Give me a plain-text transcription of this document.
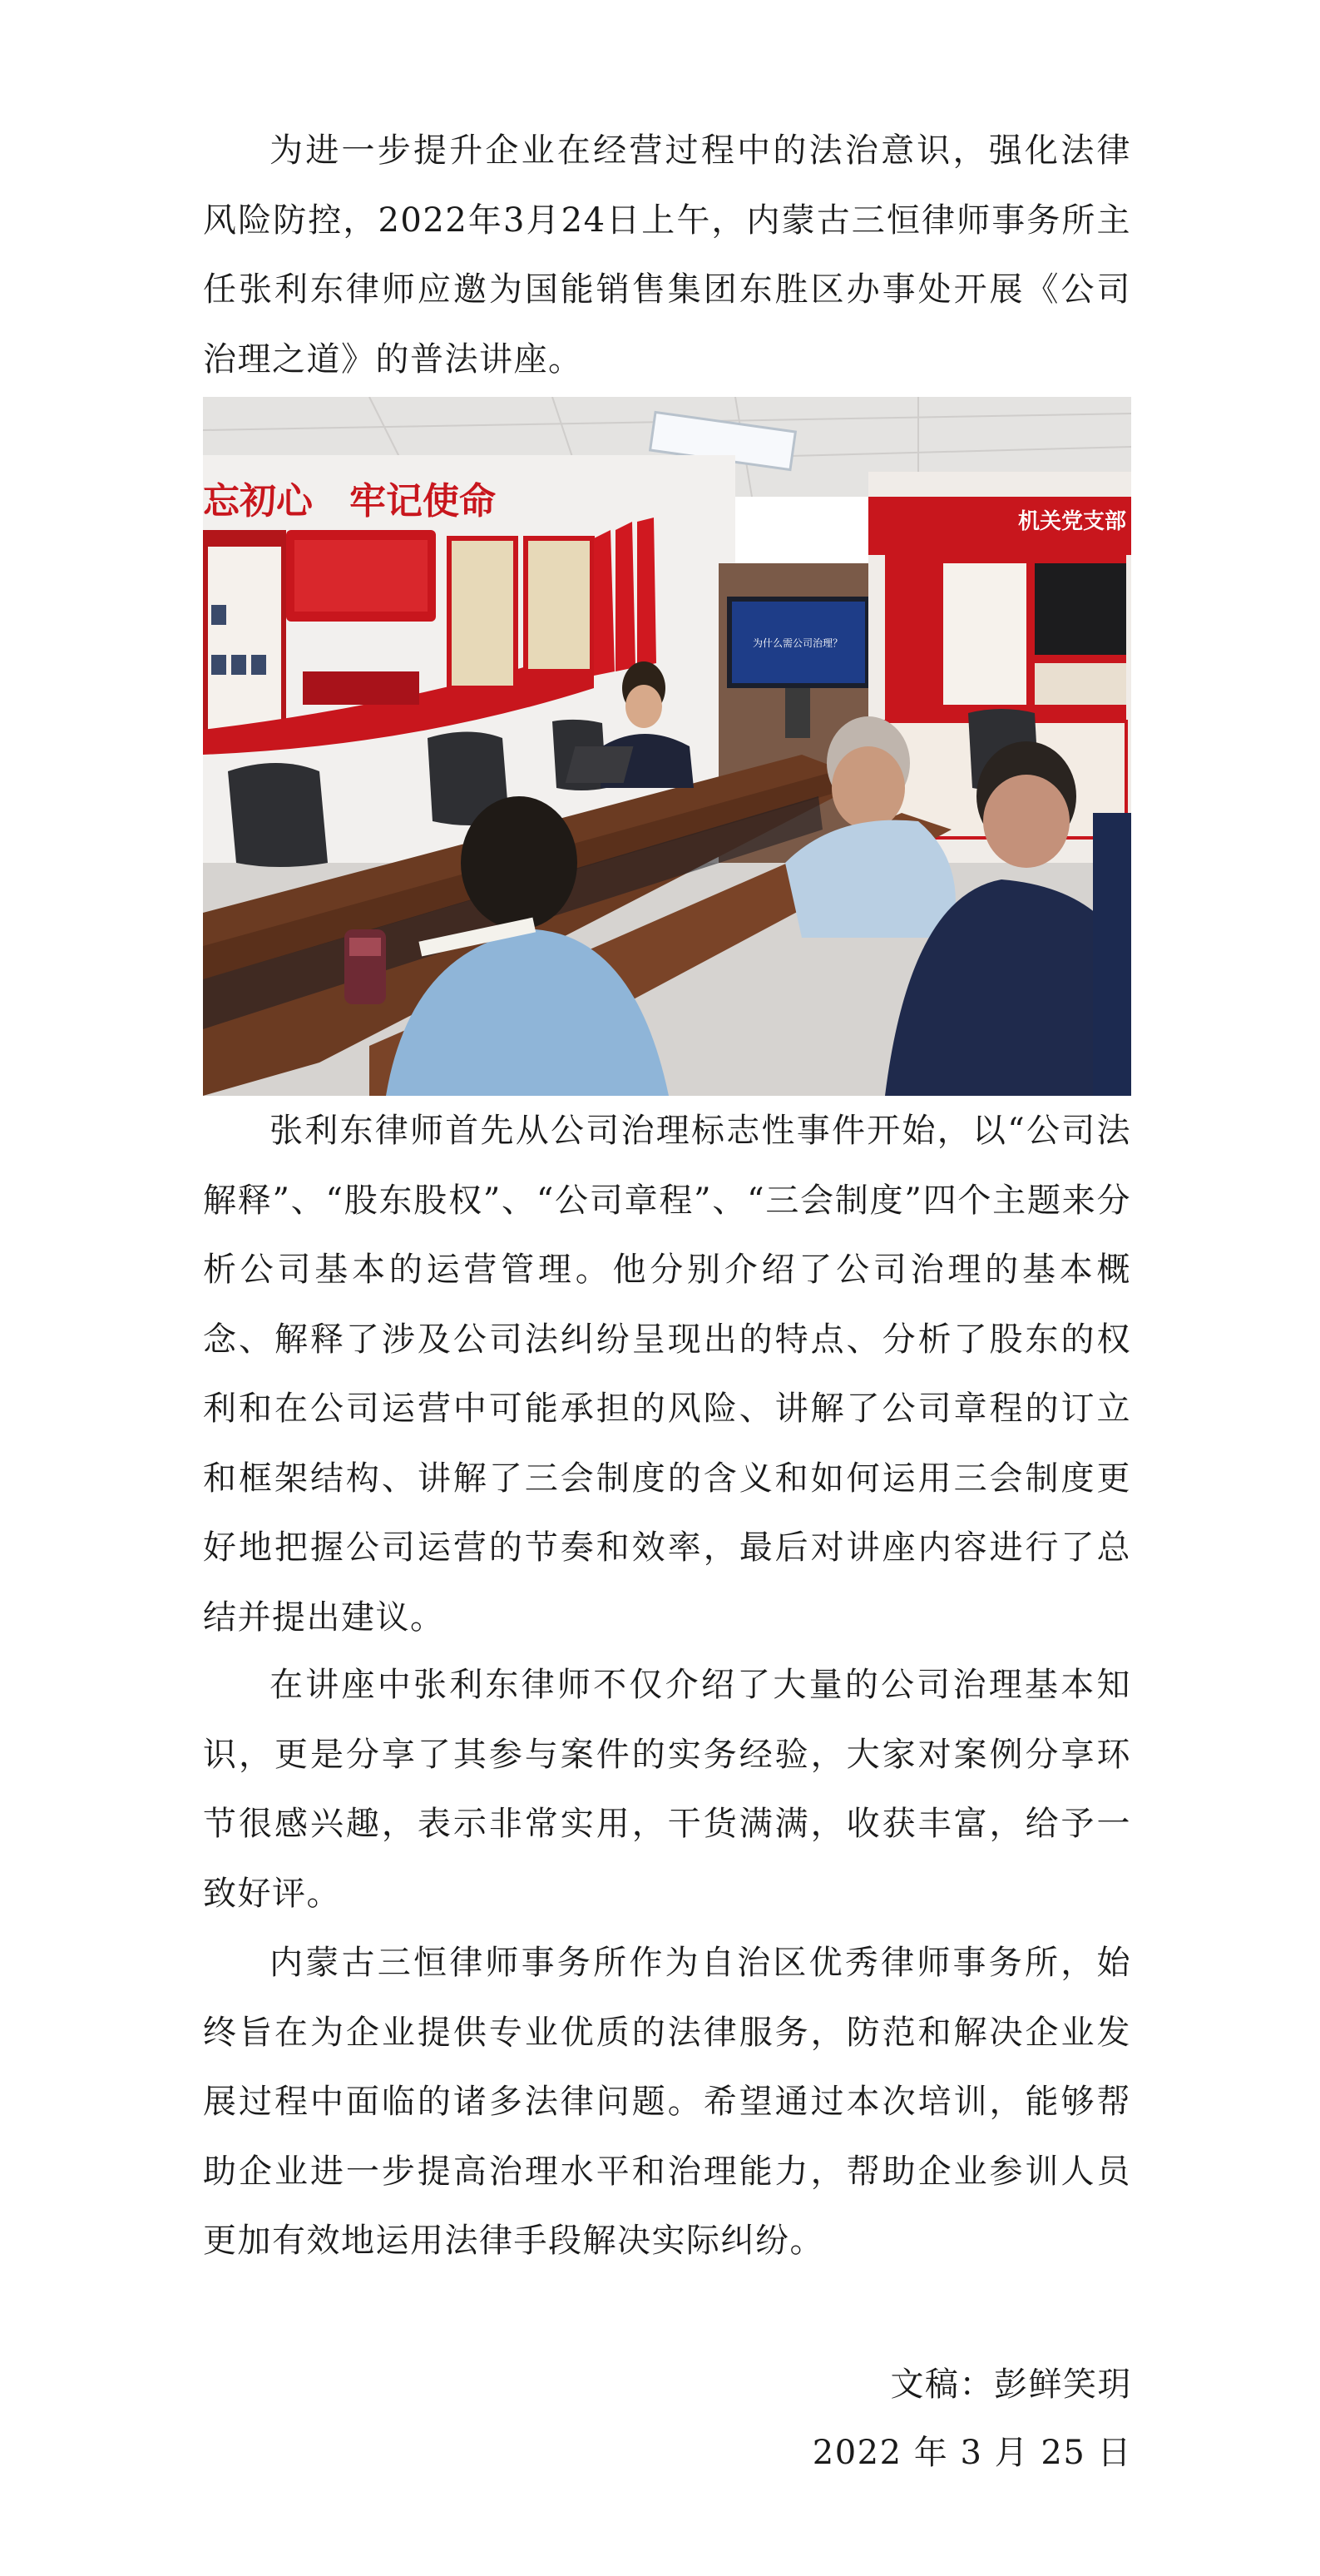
为进一步提升企业在经营过程中的法治意识，强化法律风险防控，2022年3月24日上午，内蒙古三恒律师事务所主任张利东律师应邀为国能销售集团东胜区办事处开展《公司治理之道》的普法讲座。

忘初心　牢记使命
为什么需公司治理？
机关党支部

张利东律师首先从公司治理标志性事件开始，以“公司法解释”、“股东股权”、“公司章程”、“三会制度”四个主题来分析公司基本的运营管理。他分别介绍了公司治理的基本概念、解释了涉及公司法纠纷呈现出的特点、分析了股东的权利和在公司运营中可能承担的风险、讲解了公司章程的订立和框架结构、讲解了三会制度的含义和如何运用三会制度更好地把握公司运营的节奏和效率，最后对讲座内容进行了总结并提出建议。

在讲座中张利东律师不仅介绍了大量的公司治理基本知识，更是分享了其参与案件的实务经验，大家对案例分享环节很感兴趣，表示非常实用，干货满满，收获丰富，给予一致好评。

内蒙古三恒律师事务所作为自治区优秀律师事务所，始终旨在为企业提供专业优质的法律服务，防范和解决企业发展过程中面临的诸多法律问题。希望通过本次培训，能够帮助企业进一步提高治理水平和治理能力，帮助企业参训人员更加有效地运用法律手段解决实际纠纷。

文稿：彭鲜笑玥
2022 年 3 月 25 日
